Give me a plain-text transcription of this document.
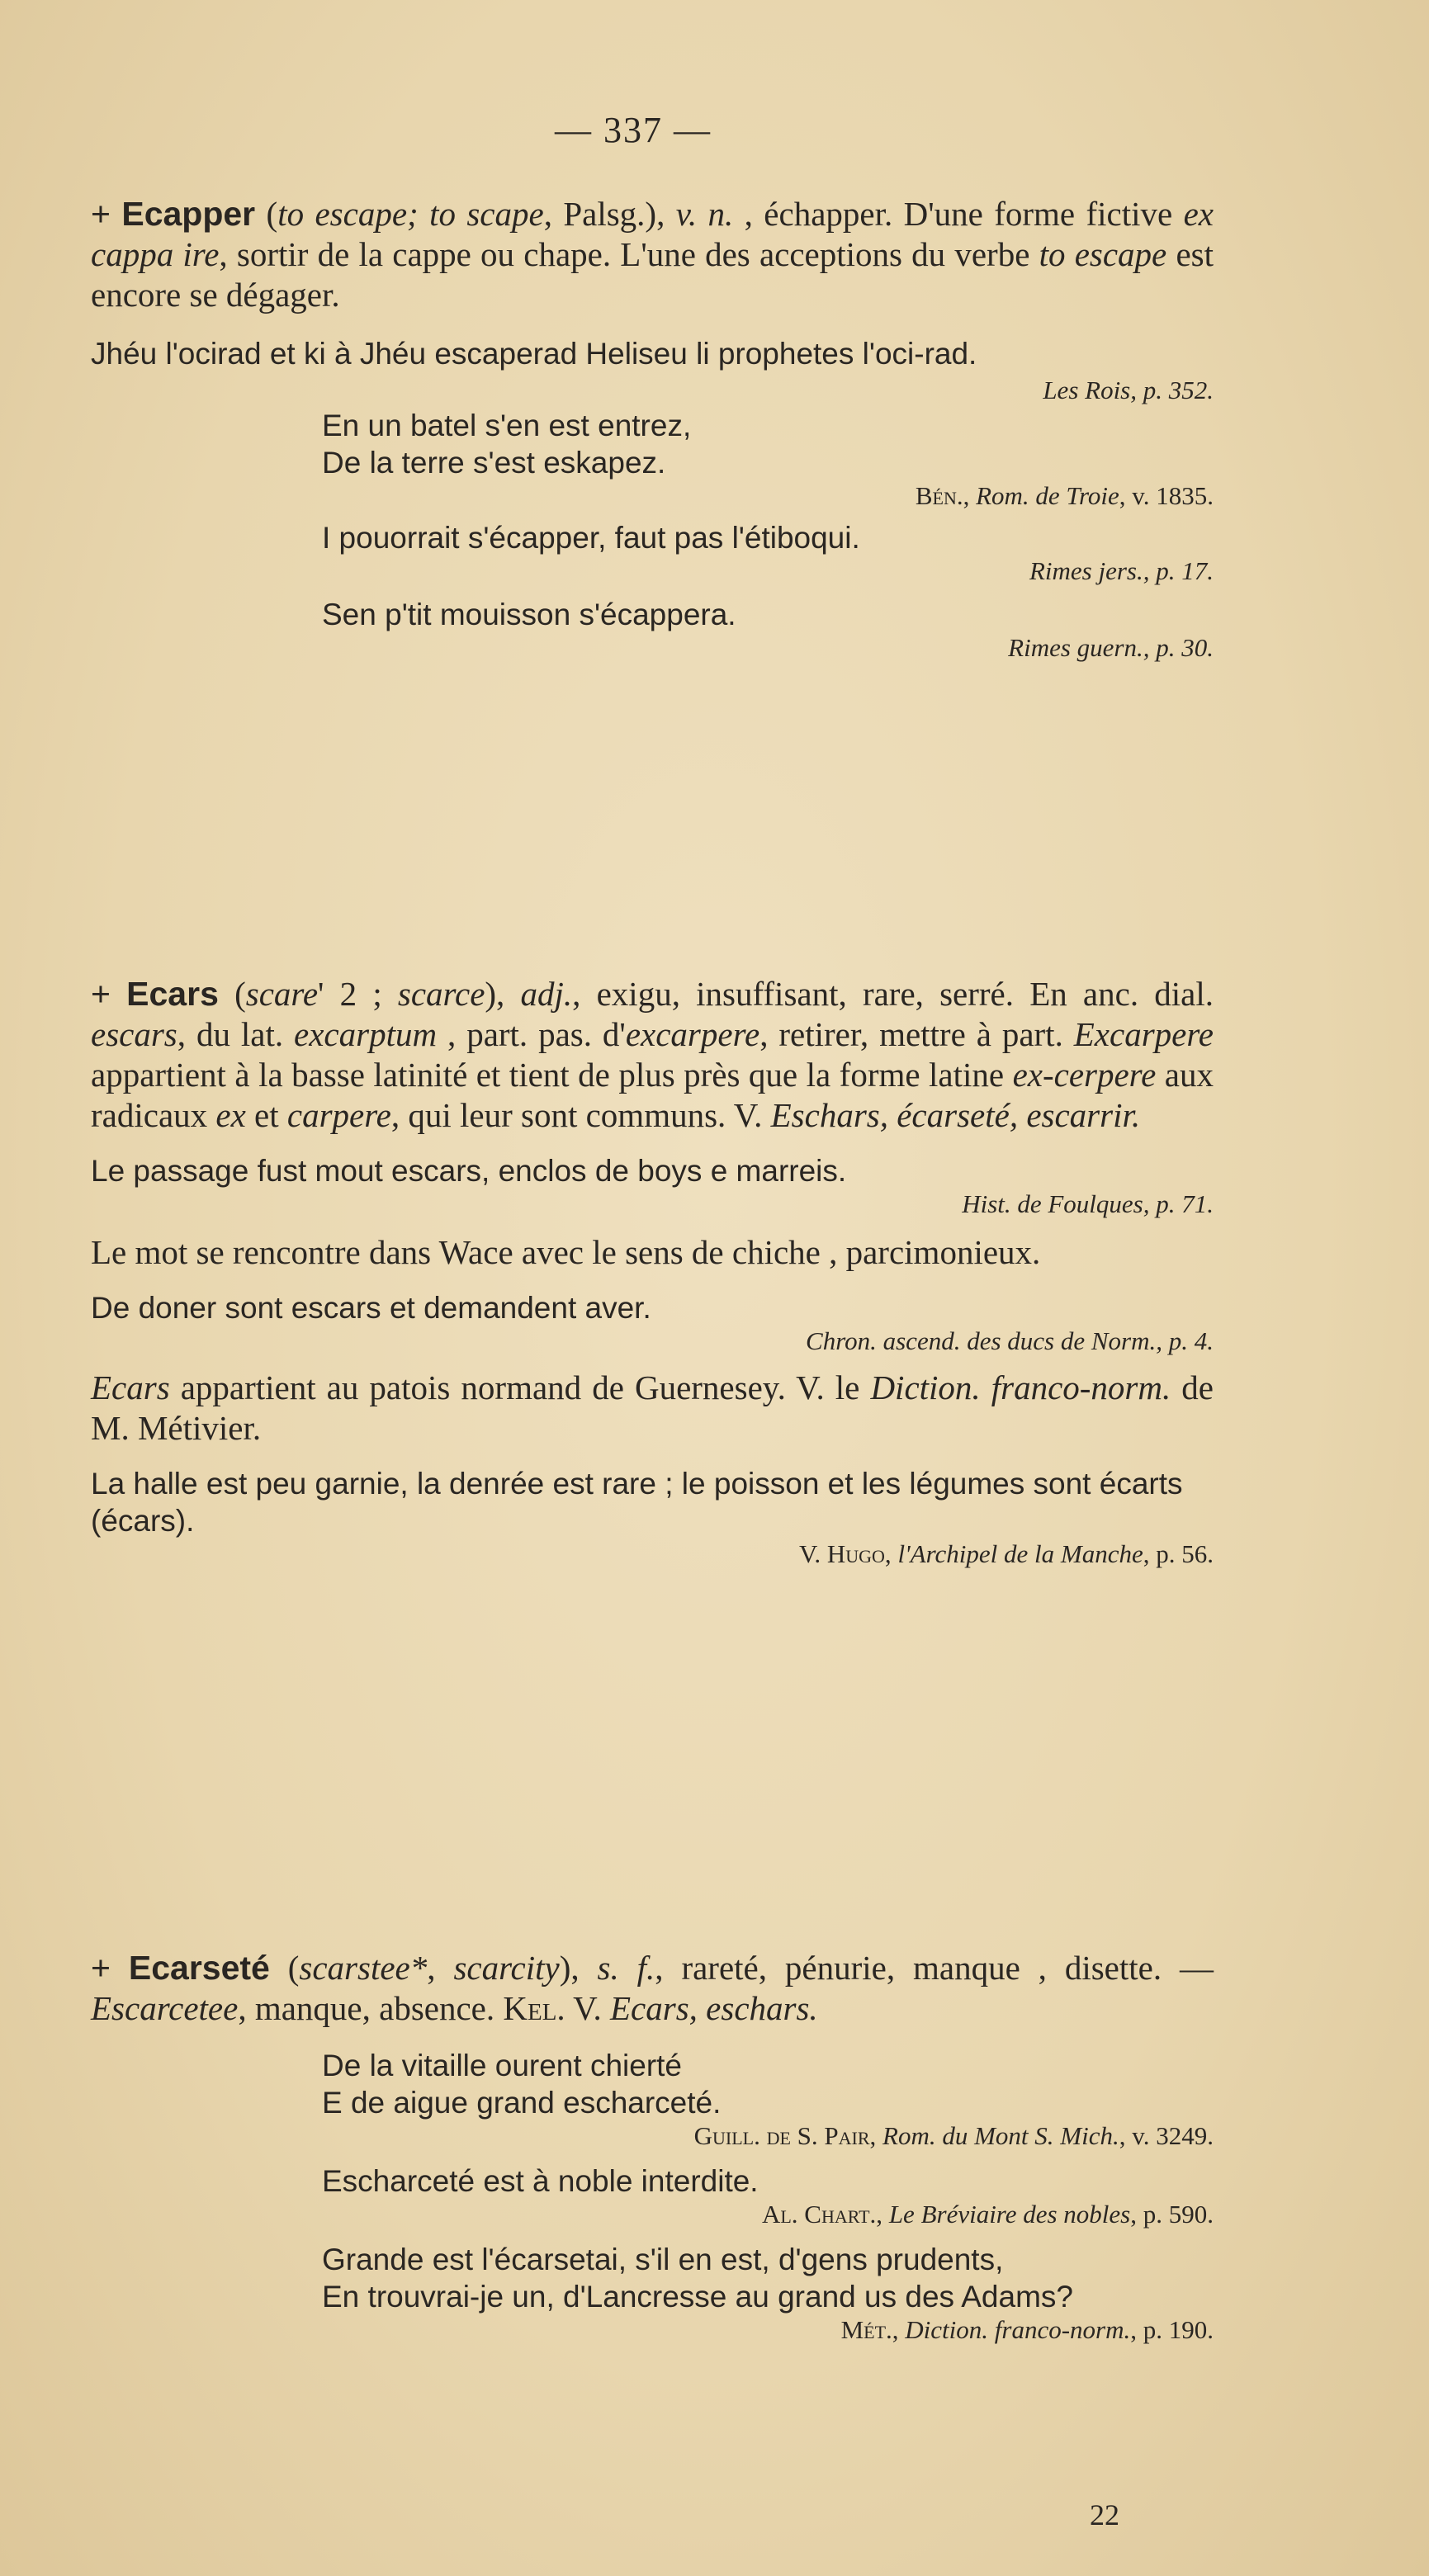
— 337 —

+ Ecapper (to escape; to scape, Palsg.), v. n. , échapper. D'une forme fictive ex cappa ire, sortir de la cappe ou chape. L'une des acceptions du verbe to escape est encore se dégager.

Jhéu l'ocirad et ki à Jhéu escaperad Heliseu li prophetes l'oci-rad.

Les Rois, p. 352.

En un batel s'en est entrez,

De la terre s'est eskapez.

Bén., Rom. de Troie, v. 1835.

I pouorrait s'écapper, faut pas l'étiboqui.

Rimes jers., p. 17.

Sen p'tit mouisson s'écappera.

Rimes guern., p. 30.

+ Ecars (scare' 2 ; scarce), adj., exigu, insuffisant, rare, serré. En anc. dial. escars, du lat. excarptum , part. pas. d'excarpere, retirer, mettre à part. Excarpere appartient à la basse latinité et tient de plus près que la forme latine ex-cerpere aux radicaux ex et carpere, qui leur sont communs. V. Eschars, écarseté, escarrir.

Le passage fust mout escars, enclos de boys e marreis.

Hist. de Foulques, p. 71.

Le mot se rencontre dans Wace avec le sens de chiche , parcimonieux.

De doner sont escars et demandent aver.

Chron. ascend. des ducs de Norm., p. 4.

Ecars appartient au patois normand de Guernesey. V. le Diction. franco-norm. de M. Métivier.

La halle est peu garnie, la denrée est rare ; le poisson et les légumes sont écarts (écars).

V. Hugo, l'Archipel de la Manche, p. 56.

+ Ecarseté (scarstee*, scarcity), s. f., rareté, pénurie, manque , disette. — Escarcetee, manque, absence. Kel. V. Ecars, eschars.

De la vitaille ourent chierté

E de aigue grand escharceté.

Guill. de S. Pair, Rom. du Mont S. Mich., v. 3249.

Escharceté est à noble interdite.

Al. Chart., Le Bréviaire des nobles, p. 590.

Grande est l'écarsetai, s'il en est, d'gens prudents,

En trouvrai-je un, d'Lancresse au grand us des Adams?

Mét., Diction. franco-norm., p. 190.

22
